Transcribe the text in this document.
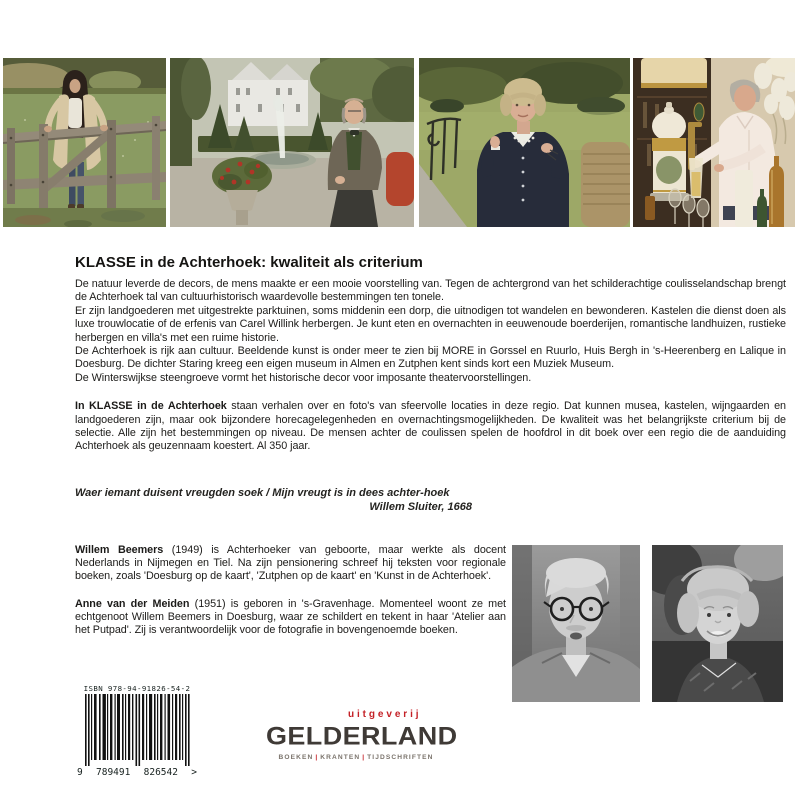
KLASSE in de Achterhoek: kwaliteit als criterium

De natuur leverde de decors, de mens maakte er een mooie voorstelling van. Tegen de achtergrond van het schilderachtige coulisselandschap brengt de Achterhoek tal van cultuurhistorisch waardevolle bestemmingen ten tonele.

Er zijn landgoederen met uitgestrekte parktuinen, soms middenin een dorp, die uitnodigen tot wandelen en bewonderen. Kastelen die dienst doen als luxe trouwlocatie of de erfenis van Carel Willink herbergen. Je kunt eten en overnachten in eeuwenoude boerderijen, romantische landhuizen, rustieke herbergen en villa's met een ruime historie.

De Achterhoek is rijk aan cultuur. Beeldende kunst is onder meer te zien bij MORE in Gorssel en Ruurlo, Huis Bergh in 's-Heerenberg en Lalique in Doesburg. De dichter Staring kreeg een eigen museum in Almen en Zutphen kent sinds kort een Muziek Museum.

De Winterswijkse steengroeve vormt het historische decor voor imposante theatervoorstellingen.

In KLASSE in de Achterhoek staan verhalen over en foto's van sfeervolle locaties in deze regio. Dat kunnen musea, kastelen, wijngaarden en landgoederen zijn, maar ook bijzondere horecagelegenheden en overnachtingsmogelijkheden. De kwaliteit was het belangrijkste criterium bij de selectie. Alle zijn het bestemmingen op niveau. De mensen achter de coulissen spelen de hoofdrol in dit boek over een regio die de aanduiding Achterhoek als geuzennaam koestert. Al 350 jaar.

Waer iemant duisent vreugden soek / Mijn vreugt is in dees achter-hoek
Willem Sluiter, 1668

Willem Beemers (1949) is Achterhoeker van geboorte, maar werkte als docent Nederlands in Nijmegen en Tiel. Na zijn pensionering schreef hij teksten voor regionale boeken, zoals 'Doesburg op de kaart', 'Zutphen op de kaart' en 'Kunst in de Achterhoek'.

Anne van der Meiden (1951) is geboren in 's-Gravenhage. Momenteel woont ze met echtgenoot Willem Beemers in Doesburg, waar ze schildert en tekent in haar 'Atelier aan het Putpad'. Zij is verantwoordelijk voor de fotografie in bovengenoemde boeken.

ISBN 978-94-91826-54-2
9 789491 826542 >
uitgeverij
GELDERLAND
BOEKEN | KRANTEN | TIJDSCHRIFTEN
